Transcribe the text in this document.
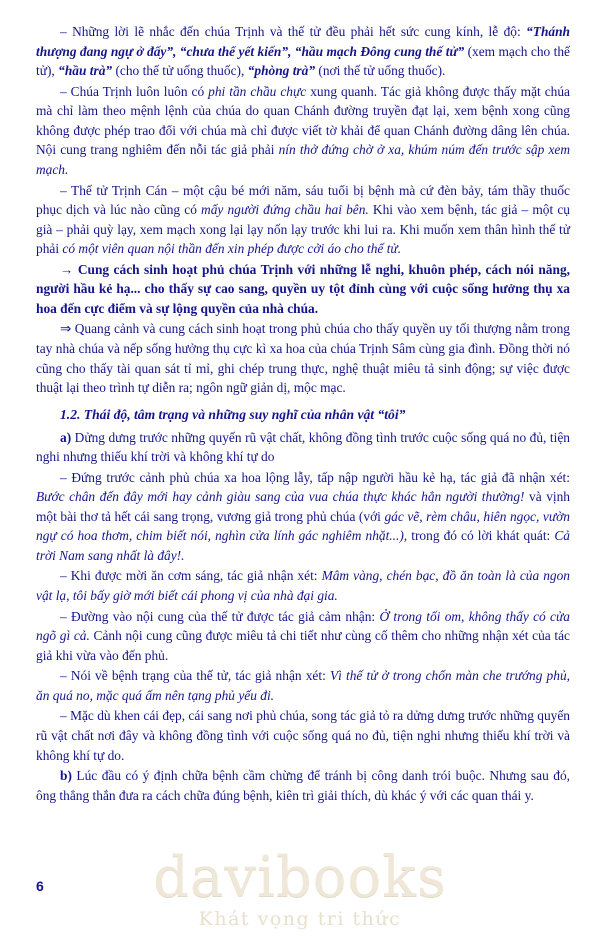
– Những lời lẽ nhắc đến chúa Trịnh và thế tử đều phải hết sức cung kính, lễ độ: “Thánh thượng đang ngự ở đấy”, “chưa thể yết kiến”, “hầu mạch Đông cung thế tử” (xem mạch cho thế tử), “hầu trà” (cho thế tử uống thuốc), “phòng trà” (nơi thế tử uống thuốc).

– Chúa Trịnh luôn luôn có phi tần chầu chực xung quanh. Tác giả không được thấy mặt chúa mà chỉ làm theo mệnh lệnh của chúa do quan Chánh đường truyền đạt lại, xem bệnh xong cũng không được phép trao đổi với chúa mà chỉ được viết tờ khải để quan Chánh đường dâng lên chúa. Nội cung trang nghiêm đến nỗi tác giả phải nín thở đứng chờ ở xa, khúm núm đến trước sập xem mạch.

– Thế tử Trịnh Cán – một cậu bé mới năm, sáu tuổi bị bệnh mà cứ đèn bảy, tám thầy thuốc phục dịch và lúc nào cũng có mấy người đứng chầu hai bên. Khi vào xem bệnh, tác giả – một cụ già – phải quỳ lạy, xem mạch xong lại lạy nốn lạy trước khi lui ra. Khi muốn xem thân hình thế tử phải có một viên quan nội thần đến xin phép được cởi áo cho thế tử.

→ Cung cách sinh hoạt phủ chúa Trịnh với những lễ nghi, khuôn phép, cách nói năng, người hầu kẻ hạ... cho thấy sự cao sang, quyền uy tột đỉnh cùng với cuộc sống hưởng thụ xa hoa đến cực điểm và sự lộng quyền của nhà chúa.

⇒ Quang cảnh và cung cách sinh hoạt trong phủ chúa cho thấy quyền uy tối thượng nằm trong tay nhà chúa và nếp sống hưởng thụ cực kì xa hoa của chúa Trịnh Sâm cùng gia đình. Đồng thời nó cũng cho thấy tài quan sát tỉ mỉ, ghi chép trung thực, nghệ thuật miêu tả sinh động; sự việc được thuật lại theo trình tự diễn ra; ngôn ngữ giản dị, mộc mạc.

1.2. Thái độ, tâm trạng và những suy nghĩ của nhân vật “tôi”

a) Dửng dưng trước những quyến rũ vật chất, không đồng tình trước cuộc sống quá no đủ, tiện nghi nhưng thiếu khí trời và không khí tự do

– Đứng trước cảnh phủ chúa xa hoa lộng lẫy, tấp nập người hầu kẻ hạ, tác giả đã nhận xét: Bước chân đến đây mới hay cảnh giàu sang của vua chúa thực khác hẳn người thường! và vịnh một bài thơ tả hết cái sang trọng, vương giả trong phủ chúa (với gác vẽ, rèm châu, hiên ngọc, vườn ngự có hoa thơm, chim biết nói, nghìn cửa lính gác nghiêm nhặt...), trong đó có lời khát quát: Cả trời Nam sang nhất là đây!.

– Khi được mời ăn cơm sáng, tác giả nhận xét: Mâm vàng, chén bạc, đồ ăn toàn là của ngon vật lạ, tôi bấy giờ mới biết cái phong vị của nhà đại gia.

– Đường vào nội cung của thế tử được tác giả cảm nhận: Ở trong tối om, không thấy có cửa ngõ gì cả. Cảnh nội cung cũng được miêu tả chi tiết như cùng cố thêm cho những nhận xét của tác giả khi vừa vào đến phủ.

– Nói về bệnh trạng của thế tử, tác giả nhận xét: Vì thế tử ở trong chốn màn che trướng phủ, ăn quá no, mặc quá ấm nên tạng phủ yếu đi.

– Mặc dù khen cái đẹp, cái sang nơi phủ chúa, song tác giả tỏ ra dửng dưng trước những quyến rũ vật chất nơi đây và không đồng tình với cuộc sống quá no đủ, tiện nghi nhưng thiếu khí trời và không khí tự do.

b) Lúc đầu có ý định chữa bệnh cầm chừng để tránh bị công danh trói buộc. Nhưng sau đó, ông thẳng thắn đưa ra cách chữa đúng bệnh, kiên trì giải thích, dù khác ý với các quan thái y.

6	davibooks
Khát vọng tri thức
